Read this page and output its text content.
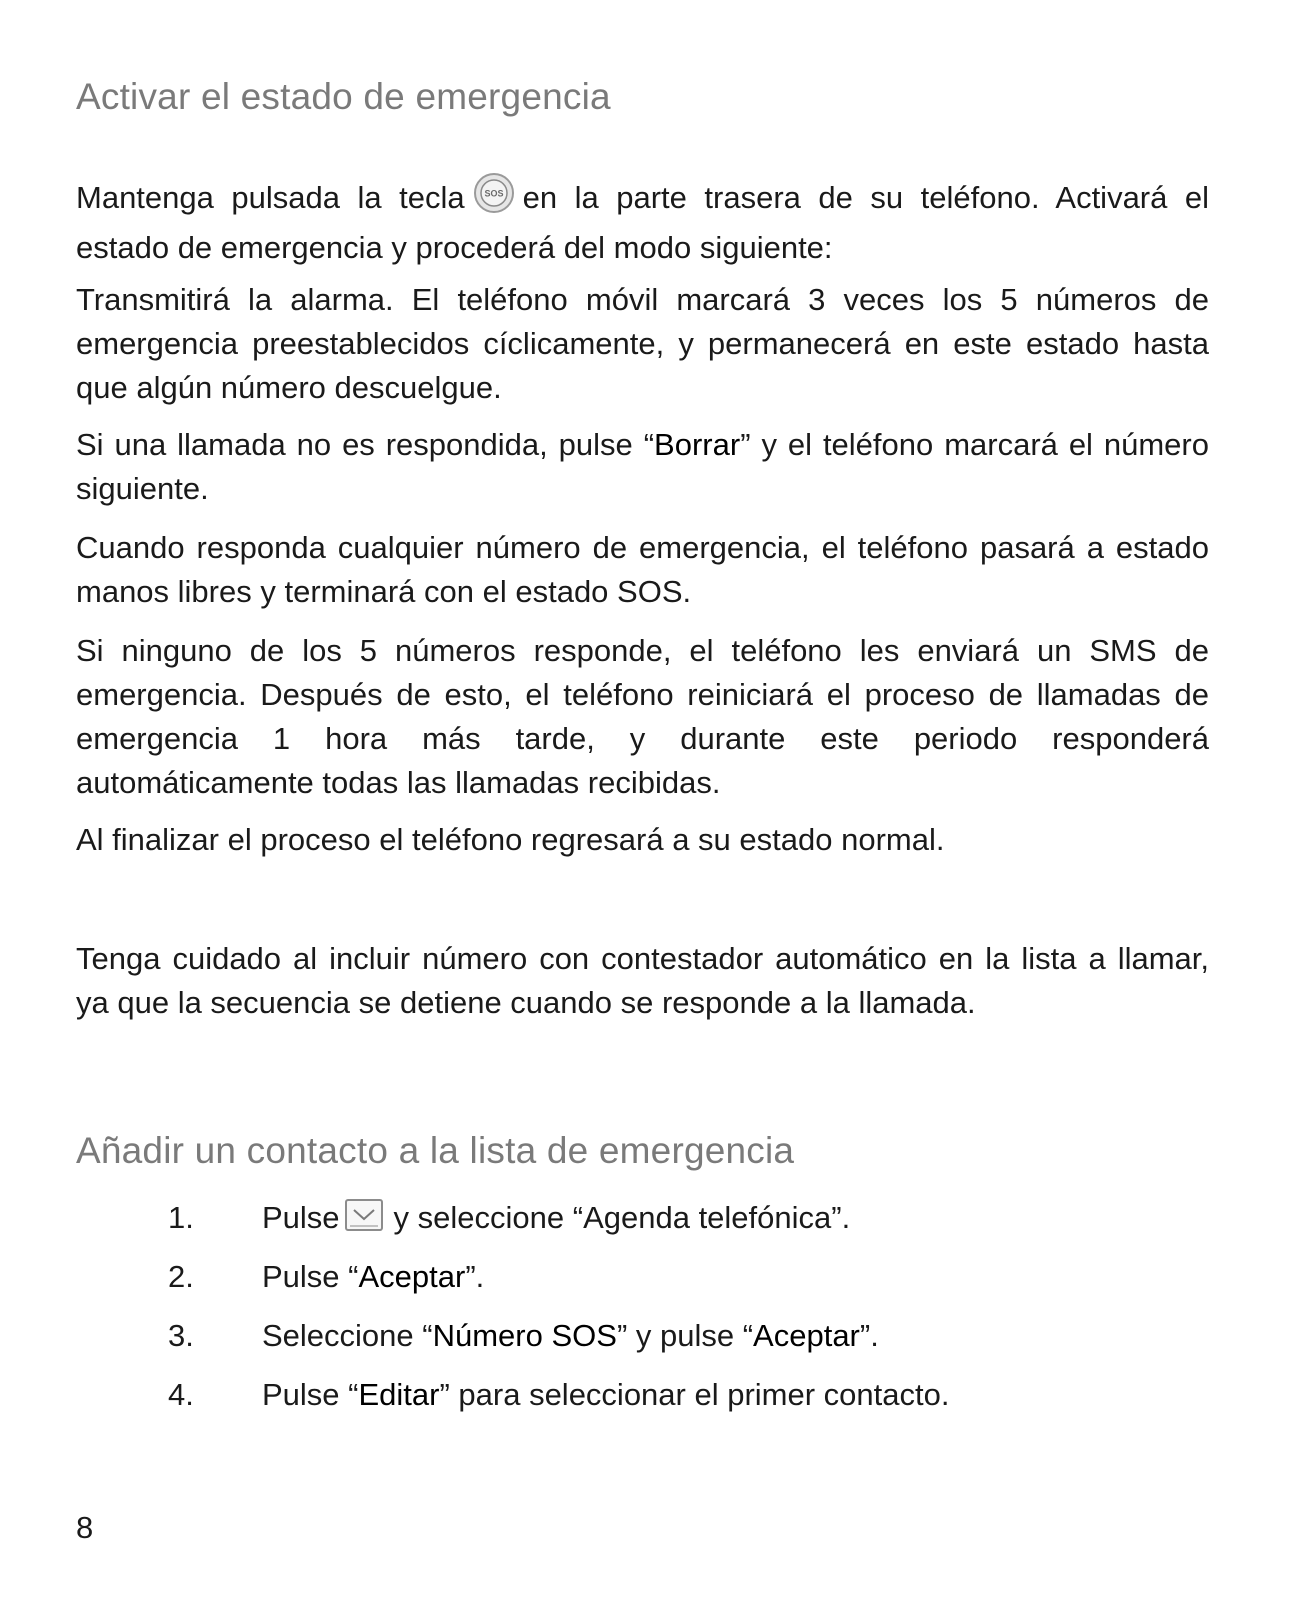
Activar el estado de emergencia

Mantenga pulsada la tecla SOS en la parte trasera de su teléfono. Activará el estado de emergencia y procederá del modo siguiente:

Transmitirá la alarma. El teléfono móvil marcará 3 veces los 5 números de emergencia preestablecidos cíclicamente, y permanecerá en este estado hasta que algún número descuelgue.

Si una llamada no es respondida, pulse “Borrar” y el teléfono marcará el número siguiente.

Cuando responda cualquier número de emergencia, el teléfono pasará a estado manos libres y terminará con el estado SOS.

Si ninguno de los 5 números responde, el teléfono les enviará un SMS de emergencia. Después de esto, el teléfono reiniciará el proceso de llamadas de emergencia 1 hora más tarde, y durante este periodo responderá automáticamente todas las llamadas recibidas.

Al finalizar el proceso el teléfono regresará a su estado normal.

Tenga cuidado al incluir número con contestador automático en la lista a llamar, ya que la secuencia se detiene cuando se responde a la llamada.

Añadir un contacto a la lista de emergencia
1.	Pulse y seleccione “Agenda telefónica”.
2.	Pulse “Aceptar”.
3.	Seleccione “Número SOS” y pulse “Aceptar”.
4.	Pulse “Editar” para seleccionar el primer contacto.
8
